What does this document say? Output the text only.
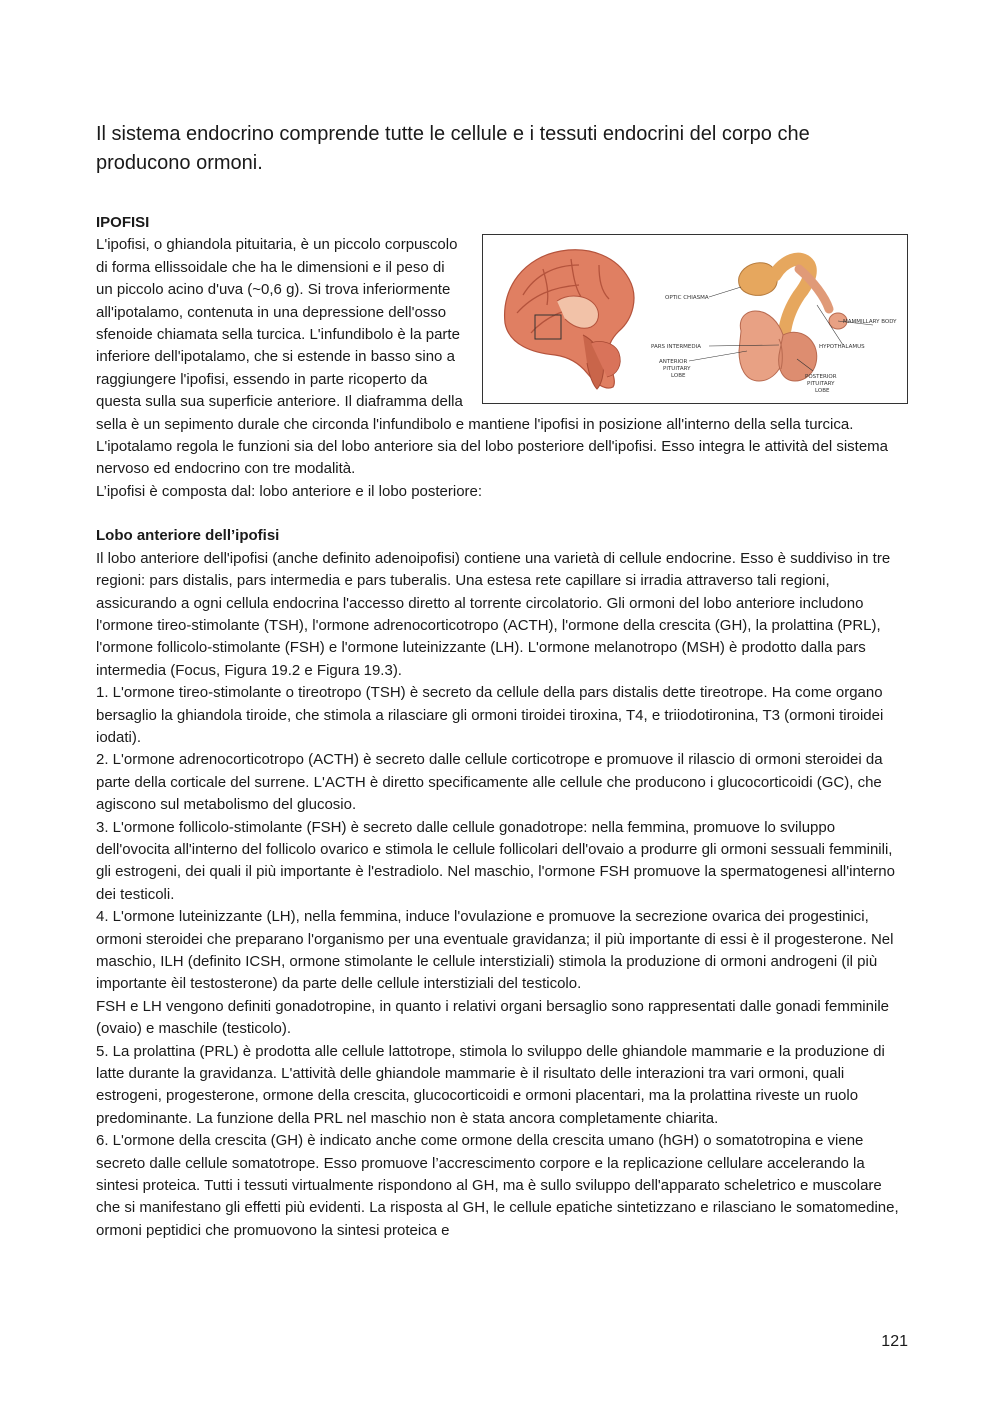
Il sistema endocrino comprende tutte le cellule e i tessuti endocrini del corpo che producono ormoni.

IPOFISI

OPTIC CHIASMA
MAMMILLARY BODY
HYPOTHALAMUS
PARS INTERMEDIA
ANTERIOR
PITUITARY
LOBE	POSTERIOR
PITUITARY
LOBE

L'ipofisi, o ghiandola pituitaria, è un piccolo corpuscolo di forma ellissoidale che ha le dimensioni e il peso di un piccolo acino d'uva (~0,6 g). Si trova inferiormente all'ipotalamo, contenuta in una depressione dell'osso sfenoide chiamata sella turcica. L'infundibolo è la parte inferiore dell'ipotalamo, che si estende in basso sino a raggiungere l'ipofisi, essendo in parte ricoperto da questa sulla sua superficie anteriore. Il diaframma della sella è un sepimento durale che circonda l'infundibolo e mantiene l'ipofisi in posizione all'interno della sella turcica. L'ipotalamo regola le funzioni sia del lobo anteriore sia del lobo posteriore dell'ipofisi. Esso integra le attività del sistema nervoso ed endocrino con tre modalità.

L’ipofisi è composta dal: lobo anteriore e il lobo posteriore:

Lobo anteriore dell’ipofisi

Il lobo anteriore dell'ipofisi (anche definito adenoipofisi) contiene una varietà di cellule endocrine. Esso è suddiviso in tre regioni: pars distalis, pars intermedia e pars tuberalis. Una estesa rete capillare si irradia attraverso tali regioni, assicurando a ogni cellula endocrina l'accesso diretto al torrente circolatorio. Gli ormoni del lobo anteriore includono l'ormone tireo-stimolante (TSH), l'ormone adrenocorticotropo (ACTH), l'ormone della crescita (GH), la prolattina (PRL), l'ormone follicolo-stimolante (FSH) e l'ormone luteinizzante (LH). L'ormone melanotropo (MSH) è prodotto dalla pars intermedia (Focus, Figura 19.2 e Figura 19.3).

1. L'ormone tireo-stimolante o tireotropo (TSH) è secreto da cellule della pars distalis dette tireotrope. Ha come organo bersaglio la ghiandola tiroide, che stimola a rilasciare gli ormoni tiroidei tiroxina, T4, e triiodotironina, T3 (ormoni tiroidei iodati).

2. L'ormone adrenocorticotropo (ACTH) è secreto dalle cellule corticotrope e promuove il rilascio di ormoni steroidei da parte della corticale del surrene. L'ACTH è diretto specificamente alle cellule che producono i glucocorticoidi (GC), che agiscono sul metabolismo del glucosio.

3. L'ormone follicolo-stimolante (FSH) è secreto dalle cellule gonadotrope: nella femmina, promuove lo sviluppo dell'ovocita all'interno del follicolo ovarico e stimola le cellule follicolari dell'ovaio a produrre gli ormoni sessuali femminili, gli estrogeni, dei quali il più importante è l'estradiolo. Nel maschio, l'ormone FSH promuove la spermatogenesi all'interno dei testicoli.

4. L'ormone luteinizzante (LH), nella femmina, induce l'ovulazione e promuove la secrezione ovarica dei progestinici, ormoni steroidei che preparano l'organismo per una eventuale gravidanza; il più importante di essi è il progesterone. Nel maschio, ILH (definito ICSH, ormone stimolante le cellule interstiziali) stimola la produzione di ormoni androgeni (il più importante èil testosterone) da parte delle cellule interstiziali del testicolo.

FSH e LH vengono definiti gonadotropine, in quanto i relativi organi bersaglio sono rappresentati dalle gonadi femminile (ovaio) e maschile (testicolo).

5. La prolattina (PRL) è prodotta alle cellule lattotrope, stimola lo sviluppo delle ghiandole mammarie e la produzione di latte durante la gravidanza. L'attività delle ghiandole mammarie è il risultato delle interazioni tra vari ormoni, quali estrogeni, progesterone, ormone della crescita, glucocorticoidi e ormoni placentari, ma la prolattina riveste un ruolo predominante. La funzione della PRL nel maschio non è stata ancora completamente chiarita.

6. L'ormone della crescita (GH) è indicato anche come ormone della crescita umano (hGH) o somatotropina e viene secreto dalle cellule somatotrope. Esso promuove l’accrescimento corpore e la replicazione cellulare accelerando la sintesi proteica. Tutti i tessuti virtualmente rispondono al GH, ma è sullo sviluppo dell'apparato scheletrico e muscolare che si manifestano gli effetti più evidenti. La risposta al GH, le cellule epatiche sintetizzano e rilasciano le somatomedine, ormoni peptidici che promuovono la sintesi proteica e

121
